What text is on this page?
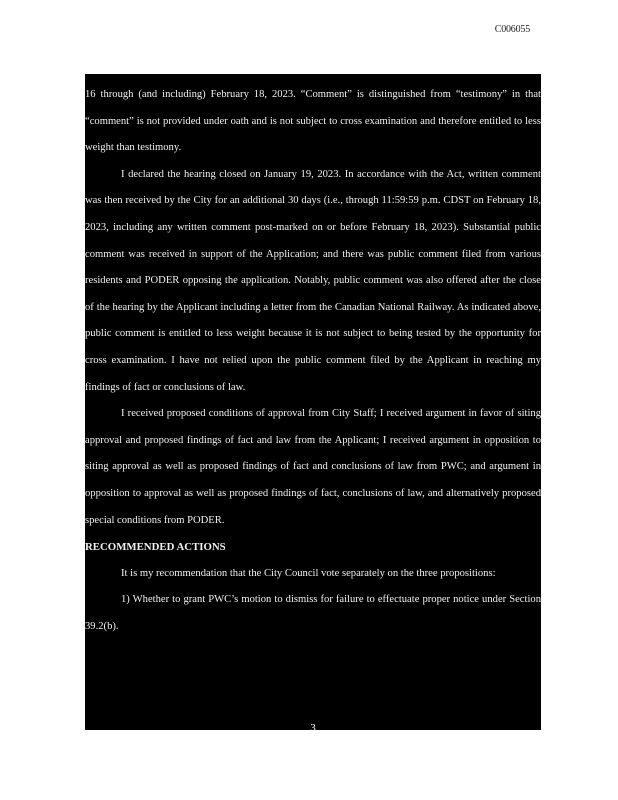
C006055

16 through (and including) February 18, 2023. “Comment” is distinguished from “testimony” in that “comment” is not provided under oath and is not subject to cross examination and therefore entitled to less weight than testimony.

I declared the hearing closed on January 19, 2023. In accordance with the Act, written comment was then received by the City for an additional 30 days (i.e., through 11:59:59 p.m. CDST on February 18, 2023, including any written comment post-marked on or before February 18, 2023). Substantial public comment was received in support of the Application; and there was public comment filed from various residents and PODER opposing the application. Notably, public comment was also offered after the close of the hearing by the Applicant including a letter from the Canadian National Railway. As indicated above, public comment is entitled to less weight because it is not subject to being tested by the opportunity for cross examination. I have not relied upon the public comment filed by the Applicant in reaching my findings of fact or conclusions of law.

I received proposed conditions of approval from City Staff; I received argument in favor of siting approval and proposed findings of fact and law from the Applicant; I received argument in opposition to siting approval as well as proposed findings of fact and conclusions of law from PWC; and argument in opposition to approval as well as proposed findings of fact, conclusions of law, and alternatively proposed special conditions from PODER.

RECOMMENDED ACTIONS

It is my recommendation that the City Council vote separately on the three propositions:

1) Whether to grant PWC’s motion to dismiss for failure to effectuate proper notice under Section 39.2(b).

3
